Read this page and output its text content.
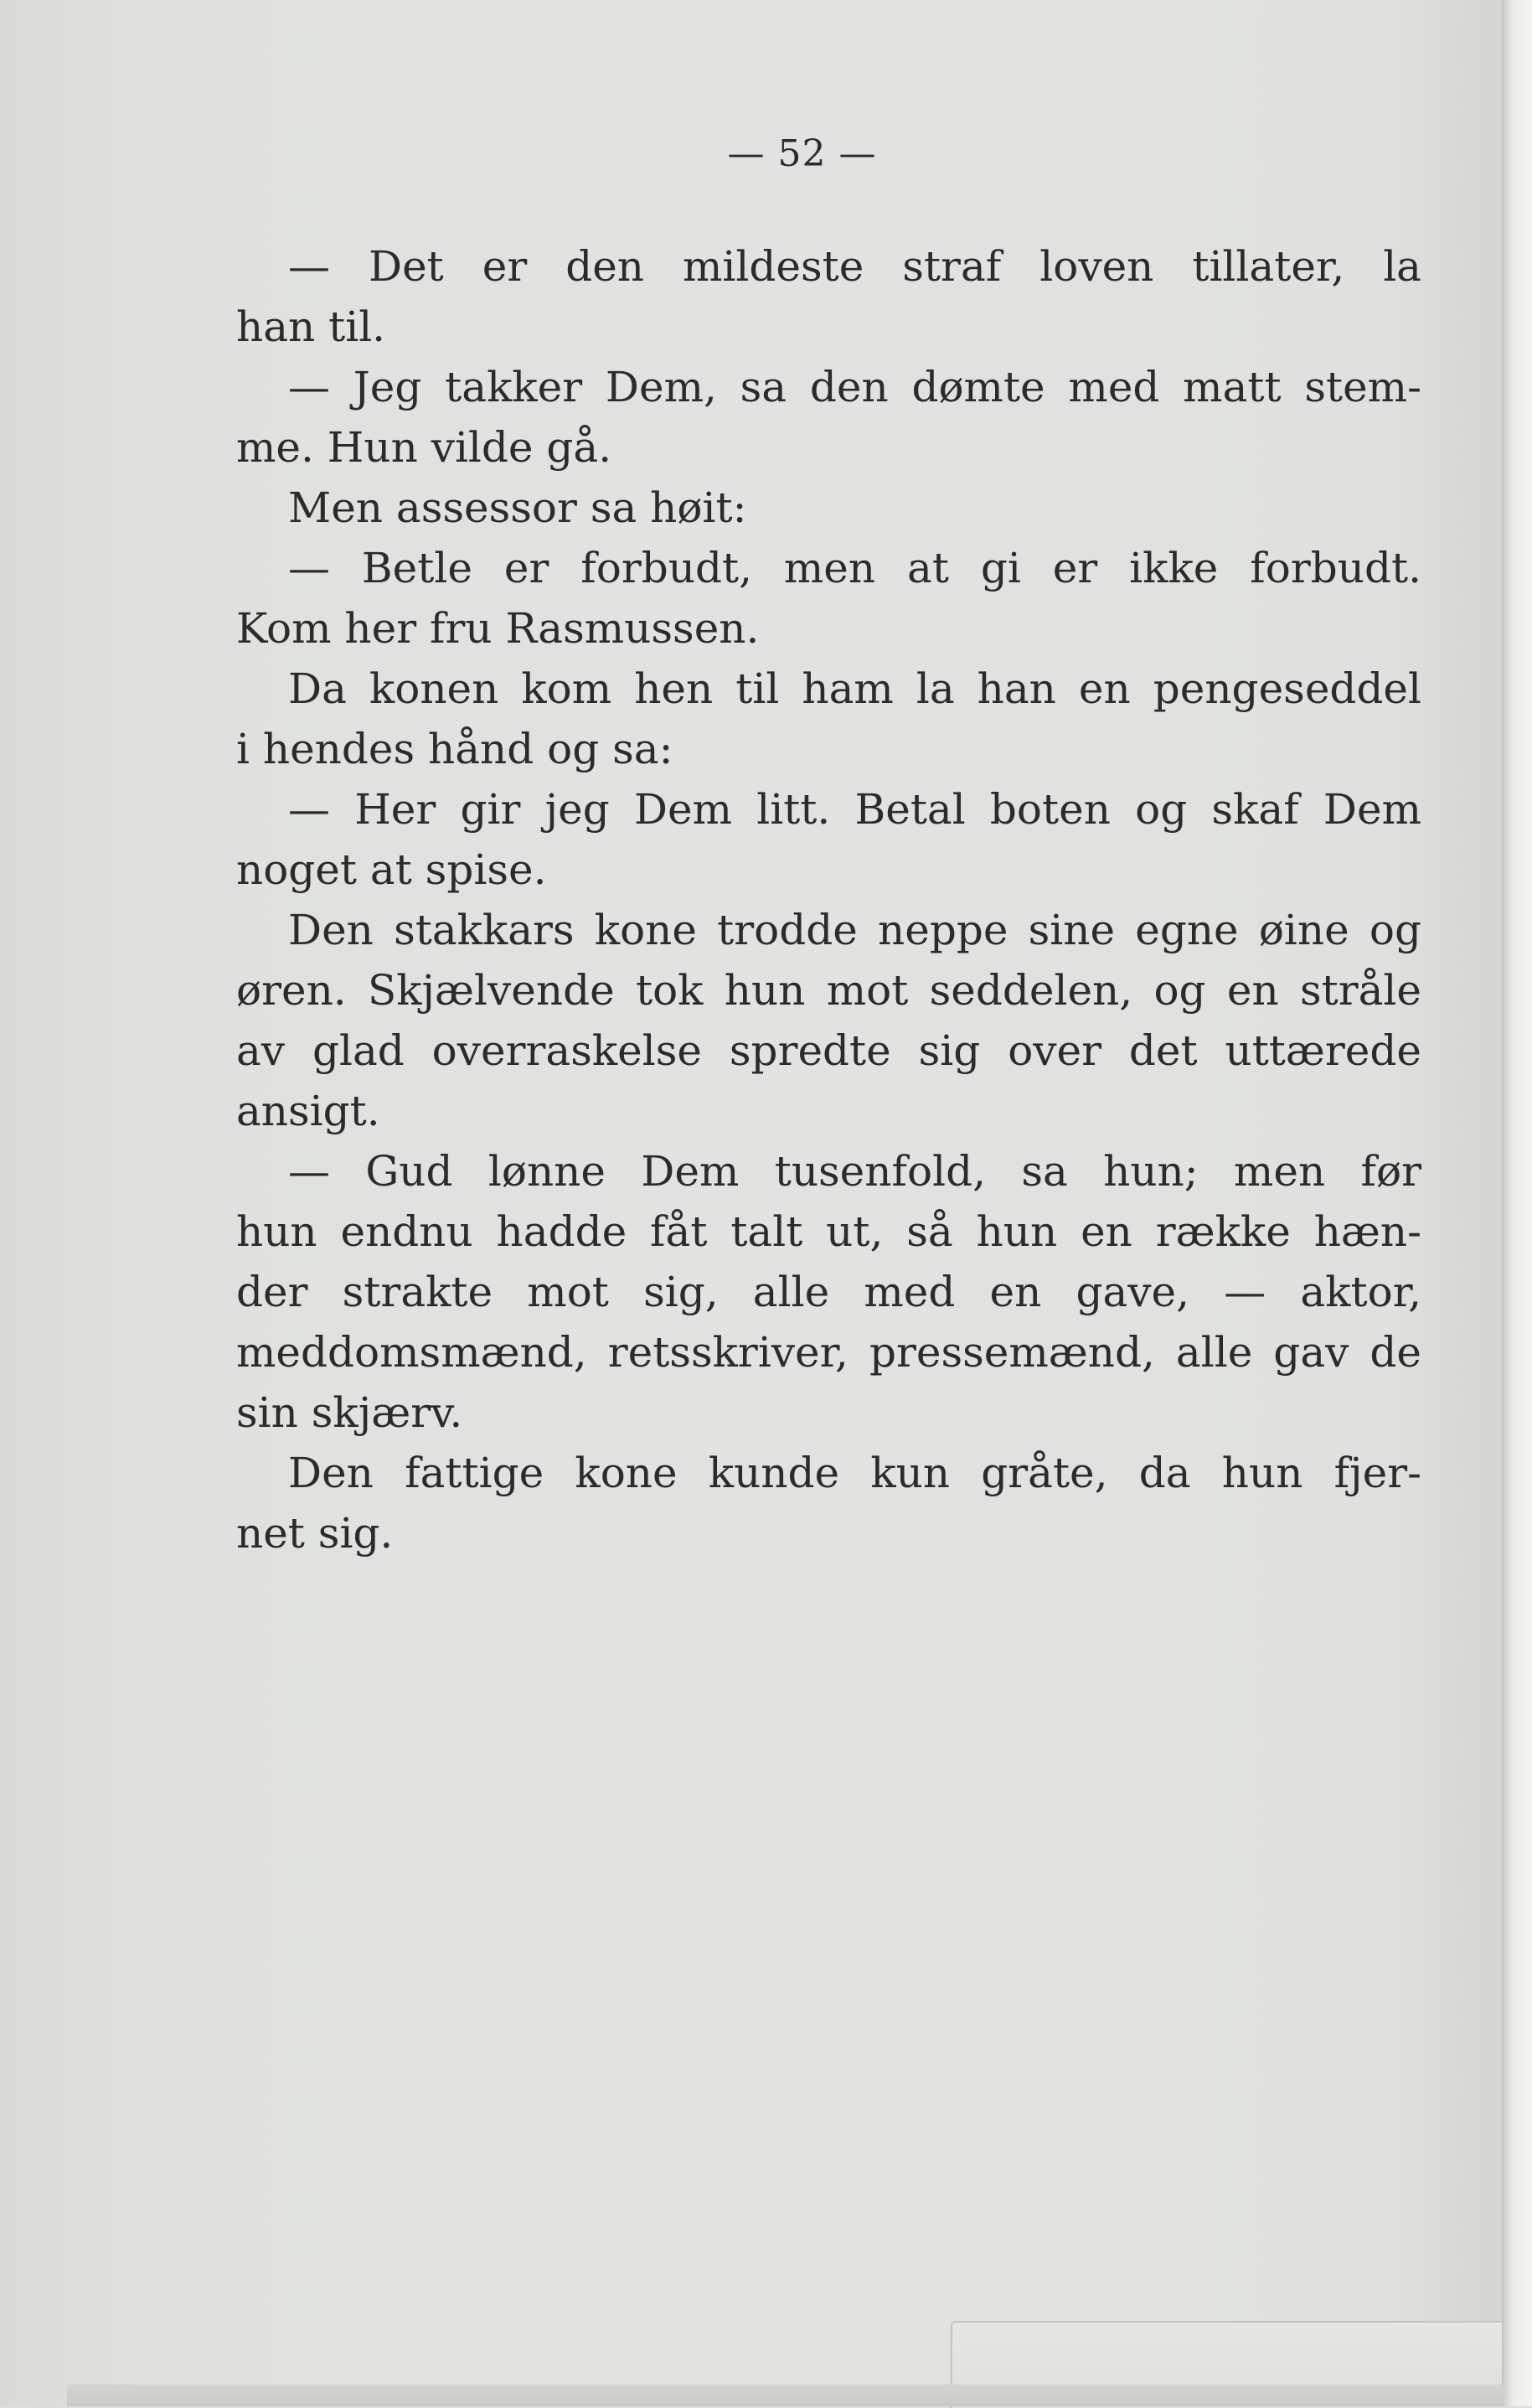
— 52 —
— Det er den mildeste straf loven tillater, la
han til.
— Jeg takker Dem, sa den dømte med matt stem-
me. Hun vilde gå.
Men assessor sa høit:
— Betle er forbudt, men at gi er ikke forbudt.
Kom her fru Rasmussen.
Da konen kom hen til ham la han en pengeseddel
i hendes hånd og sa:
— Her gir jeg Dem litt. Betal boten og skaf Dem
noget at spise.
Den stakkars kone trodde neppe sine egne øine og
øren. Skjælvende tok hun mot seddelen, og en stråle
av glad overraskelse spredte sig over det uttærede
ansigt.
— Gud lønne Dem tusenfold, sa hun; men før
hun endnu hadde fåt talt ut, så hun en række hæn-
der strakte mot sig, alle med en gave, — aktor,
meddomsmænd, retsskriver, pressemænd, alle gav de
sin skjærv.
Den fattige kone kunde kun gråte, da hun fjer-
net sig.
